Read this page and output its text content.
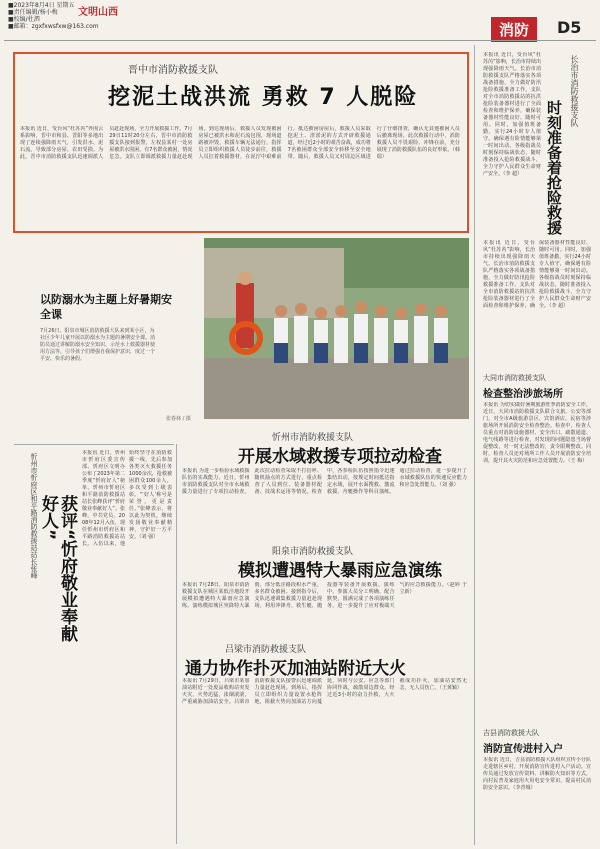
■2023年8月4日 星期五
■责任编辑/杨小梅
■校编/杜泗
■邮箱：zgxfxwsfxw@163.com
文明山西
消防	D5
晋中市消防救援支队
挖泥土战洪流 勇救 7 人脱险
本报讯 近日，受台风“杜苏芮”外围云系影响，晋中市和县、晋阳等多地出现了连续强降雨天气，引发洪水、泥石流，导致部分房屋、农田受损。为此，晋中市消防救援支队迅速调派人员赶赴现场，全力开展救援工作。7月29日11时20分左右，晋中市消防救援支队接到报警，左权县某村一处房屋被洪水围困，有7名群众被困，情况危急。支队立即调派救援力量赶赴现场。到达现场后，救援人员发现被困房屋已被洪水和泥石流包围，现场道路被冲毁，救援车辆无法通行。指挥员立即组织救援人员徒步前往，救援人员扛着救援器材，在泥泞中艰难前行。抵达被困房屋后，救援人员采取挖泥土、清淤泥的方式开辟救援通道，经过近2小时的艰苦奋战，成功将7名被困群众全部安全转移至安全地带。随后，救援人员又对周边区域进行了仔细排查，确认无其他被困人员后撤离现场。此次救援行动中，消防救援人员不畏艰险、冲锋在前，充分展现了消防救援队伍的良好形象。（韩 瑞）
长治市消防救援支队
时刻准备着抢险救援
本报讯 近日，受台风“杜苏芮”影响，长治市持续出现强降雨天气。长治市消防救援支队严格落实各项战备措施，全力做好防汛抢险救援准备工作。支队对全市消防救援站的抗洪抢险装备器材进行了全面检查和维护保养，确保装备器材性能良好、随时可用。同时，加强值班备勤，实行24小时专人值守，确保遇有险情能够第一时间出动。各级指战员时刻保持临战状态，随时准备投入抢险救援战斗，全力守护人民群众生命财产安全。（李 超）
本报讯 近日，受台风“杜苏芮”影响，长治市持续出现强降雨天气。长治市消防救援支队严格落实各项战备措施，全力做好防汛抢险救援准备工作。支队对全市消防救援站的抗洪抢险装备器材进行了全面检查和维护保养，确保装备器材性能良好、随时可用。同时，加强值班备勤，实行24小时专人值守，确保遇有险情能够第一时间出动。各级指战员时刻保持临战状态，随时准备投入抢险救援战斗，全力守护人民群众生命财产安全。（李 超）
以防溺水为主题上好暑期安全课
7月26日，阳泉市城区消防救援大队来到某小区，为社区少年儿童开展以防溺水为主题的暑期安全课。消防员通过讲解防溺水安全知识、示范水上救援器材使用方法等，引导孩子们增强自我保护意识，度过一个平安、快乐的暑假。
张春林 / 摄
忻州市忻府区和平路消防救援站站长张峰	获评“忻府敬业奉献好人”
本报讯 近日，忻州市忻府区委宣传部、忻府区文明办公布了2023年第二季度“忻府好人”榜单，忻州市忻府区和平路消防救援站站长张峰获评“忻府敬业奉献好人”。张峰，中共党员，2008年12月入伍，现任忻州市忻府区和平路消防救援站站长。入伍以来，他始终坚守在消防救援一线，先后参加各类灭火救援任务1000余次，抢救被困群众100余人，多次受到上级表彰。“‘好人’称号是荣誉，更是责任。”张峰表示，将以此为契机，继续发扬敬业奉献精神，守护好一方平安。（刘 强）
忻州市消防救援支队
开展水域救援专项拉动检查
本报讯 为进一步检验水域救援队伍的实战能力，近日，忻州市消防救援支队对全市水域救援力量进行了专项拉动检查。此次拉动检查采取不打招呼、随机抽点的方式进行，重点检查了人员到位、装备器材配备、技战术运用等情况。检查中，各参检队伍按照指令迅速集结出动，按规定时间抵达指定水域，展开水面搜救、激流救援、舟艇操作等科目演练。通过拉动检查，进一步提升了水域救援队伍的快速反应能力和应急处置能力。（刘 强）
阳泉市消防救援支队
模拟遭遇特大暴雨应急演练
本报讯 7月28日，阳泉市消防救援支队在城区某低洼地段开展模拟遭遇特大暴雨应急演练。演练模拟城区突降特大暴雨，部分低洼路段积水严重，多名群众被困。接到指令后，支队迅速调集救援力量赶赴现场，利用冲锋舟、救生艇、抛投器等装备开展救援。演练中，参演人员分工明确、配合默契，圆满完成了各项演练任务，进一步提升了应对极端天气的应急救援能力。（赵婷 于立新）
吕梁市消防救援支队
通力协作扑灭加油站附近大火
本报讯 7月29日，吕梁市某加油站附近一处废品收购站突发火灾，火势迅猛，浓烟滚滚，严重威胁加油站安全。吕梁市消防救援支队接警后迅速调派力量赶赴现场。到场后，指挥员立即组织力量设置水枪阵地，阻截火势向加油站方向蔓延，同时与公安、应急等部门协同作战，疏散周边群众。经过近3小时的奋力扑救，大火被成功扑灭，加油站安然无恙，无人员伤亡。（王黄颖）
大同市消防救援支队
检查整治涉旅场所
本报讯 为切实做好暑期旅游旺季消防安全工作，近日，大同市消防救援支队联合文旅、公安等部门，对全市A级旅游景区、宾馆酒店、民宿等涉旅场所开展消防安全检查整治。检查中，检查人员重点对消防设施器材、安全出口、疏散通道、电气线路等进行检查，对发现的问题隐患当场督促整改，对一时无法整改的，责令限期整改。同时，检查人员还对场所工作人员开展消防安全培训，提升其火灾防范和应急处置能力。（王 梅）
吉县消防救援大队
消防宣传进村入户
本报讯 近日，吉县消防救援大队组织宣传小分队走进辖区乡村，开展消防宣传进村入户活动。宣传员通过发放宣传资料、讲解防火知识等方式，向村民普及家庭用火用电安全常识，提高村民消防安全意识。（李青城）
